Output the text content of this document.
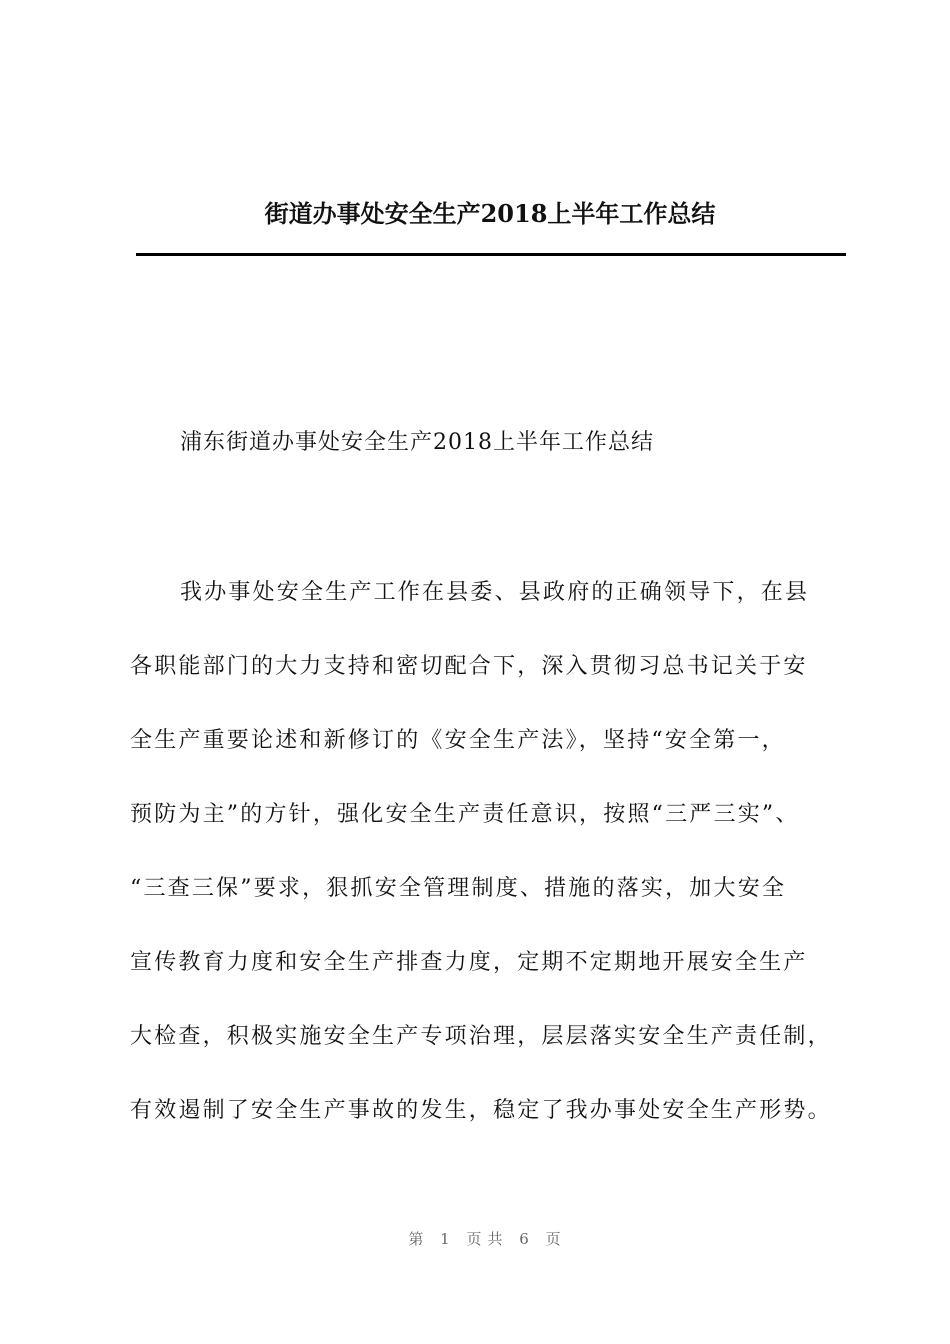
街道办事处安全生产2018上半年工作总结
浦东街道办事处安全生产2018上半年工作总结
我办事处安全生产工作在县委、县政府的正确领导下，在县
各职能部门的大力支持和密切配合下，深入贯彻习总书记关于安
全生产重要论述和新修订的《安全生产法》，坚持“安全第一，
预防为主”的方针，强化安全生产责任意识，按照“三严三实”、
“三查三保”要求，狠抓安全管理制度、措施的落实，加大安全
宣传教育力度和安全生产排查力度，定期不定期地开展安全生产
大检查，积极实施安全生产专项治理，层层落实安全生产责任制，
有效遏制了安全生产事故的发生，稳定了我办事处安全生产形势。
第 1 页共 6 页
